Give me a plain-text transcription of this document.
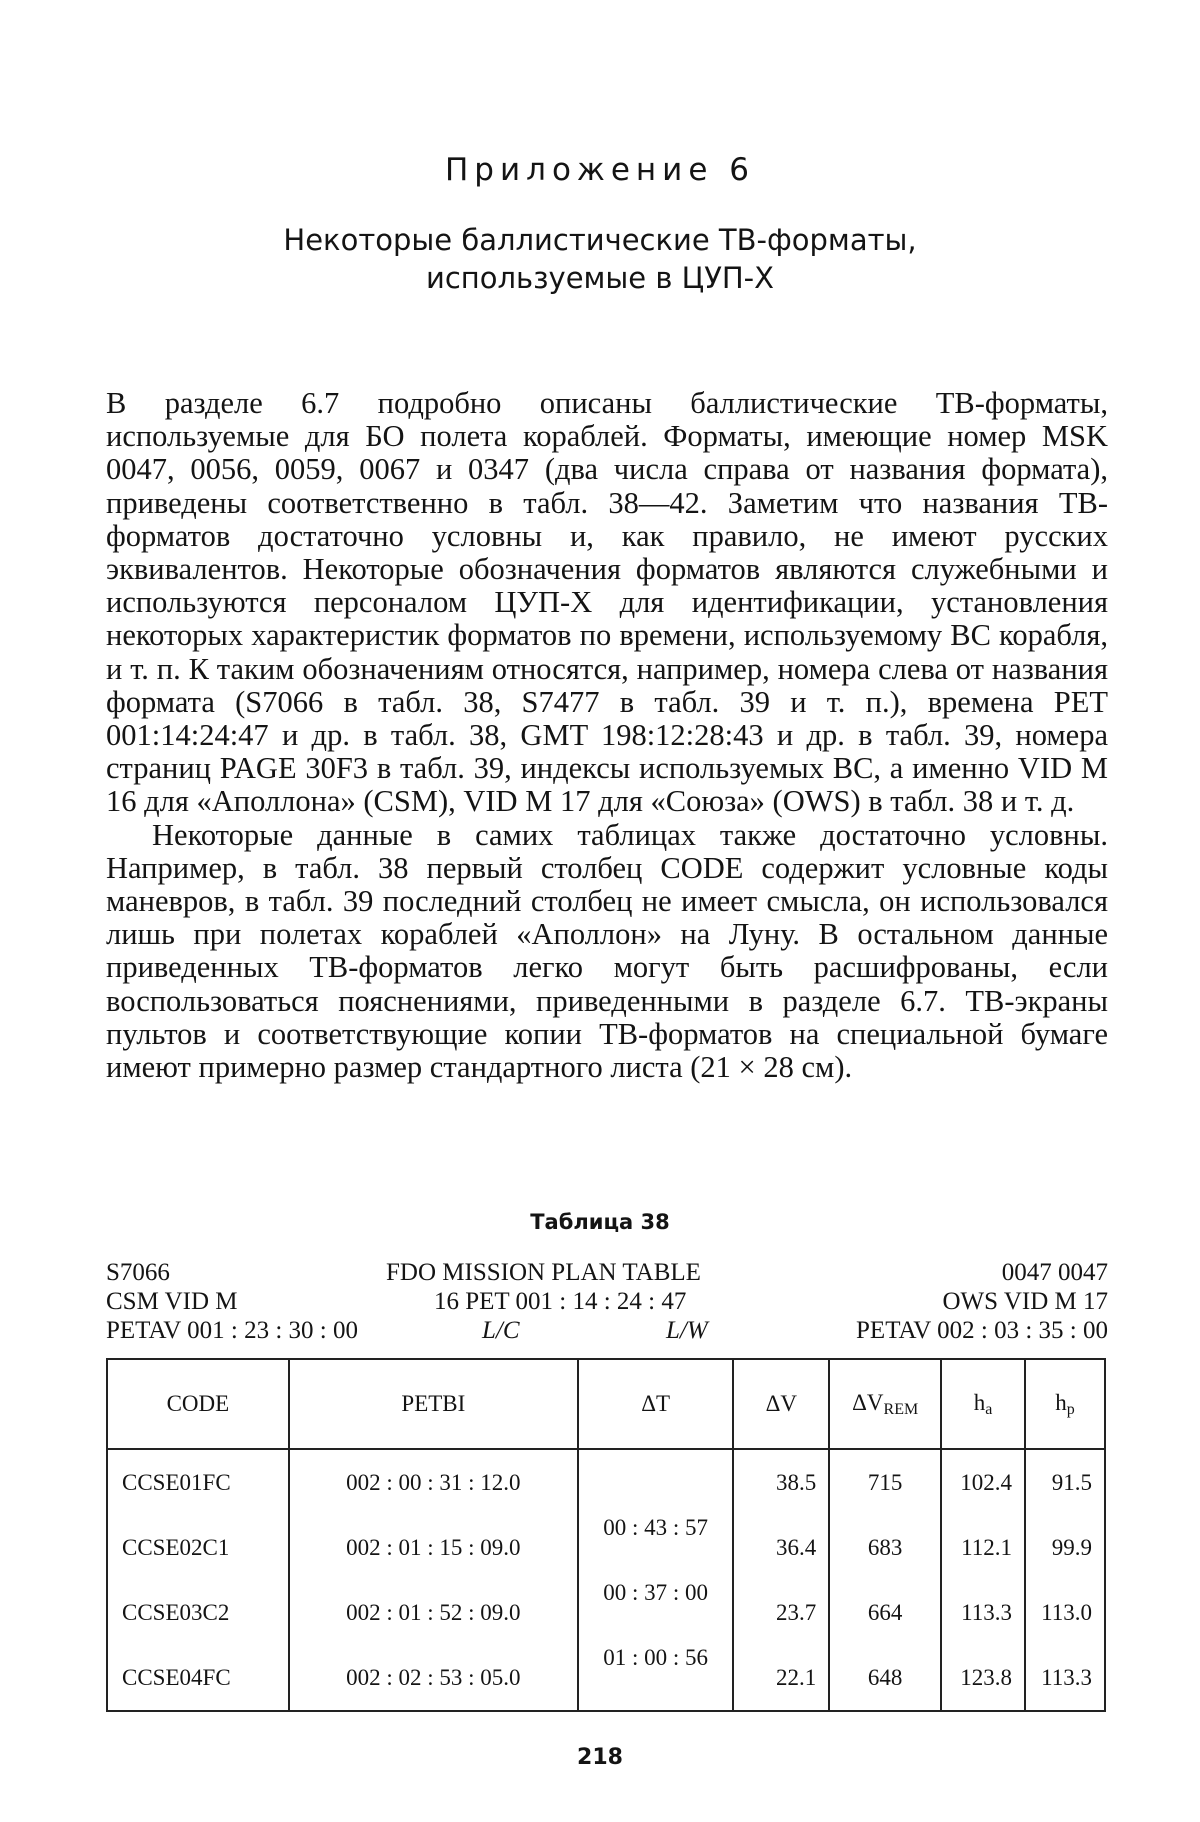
Приложение 6
Некоторые баллистические ТВ-форматы,
используемые в ЦУП-Х

В разделе 6.7 подробно описаны баллистические ТВ-форматы, используемые для БО полета кораблей. Форматы, имеющие номер MSK 0047, 0056, 0059, 0067 и 0347 (два числа справа от названия формата), приведены соответственно в табл. 38—42. Заметим что названия ТВ-форматов достаточно условны и, как правило, не имеют русских эквивалентов. Некоторые обозначения форматов являются служебными и используются персоналом ЦУП-Х для идентификации, установления некоторых характеристик форматов по времени, используемому ВС корабля, и т. п. К таким обозначениям относятся, например, номера слева от названия формата (S7066 в табл. 38, S7477 в табл. 39 и т. п.), времена PET 001:14:24:47 и др. в табл. 38, GMT 198:12:28:43 и др. в табл. 39, номера страниц PAGE 30F3 в табл. 39, индексы используемых ВС, а именно VID M 16 для «Аполлона» (CSM), VID M 17 для «Союза» (OWS) в табл. 38 и т. д.

Некоторые данные в самих таблицах также достаточно условны. Например, в табл. 38 первый столбец CODE содержит условные коды маневров, в табл. 39 последний столбец не имеет смысла, он использовался лишь при полетах кораблей «Аполлон» на Луну. В остальном данные приведенных ТВ-форматов легко могут быть расшифрованы, если воспользоваться пояснениями, приведенными в разделе 6.7. ТВ-экраны пультов и соответствующие копии ТВ-форматов на специальной бумаге имеют примерно размер стандартного листа (21 × 28 см).

Таблица 38
S7066	FDO MISSION PLAN TABLE	0047 0047
CSM VID M	16 PET 001 : 14 : 24 : 47	OWS VID M 17
PETAV 001 : 23 : 30 : 00	L/C	L/W	PETAV 002 : 03 : 35 : 00
CODE	PETBI	ΔT	ΔV	$\Delta V_{REM}$	$h_a$	$h_p$
CCSE01FC	002 : 00 : 31 : 12.0		38.5	715	102.4	91.5
CCSE02C1	002 : 01 : 15 : 09.0	00 : 43 : 57	36.4	683	112.1	99.9
CCSE03C2	002 : 01 : 52 : 09.0	00 : 37 : 00	23.7	664	113.3	113.0
CCSE04FC	002 : 02 : 53 : 05.0	01 : 00 : 56	22.1	648	123.8	113.3
218
